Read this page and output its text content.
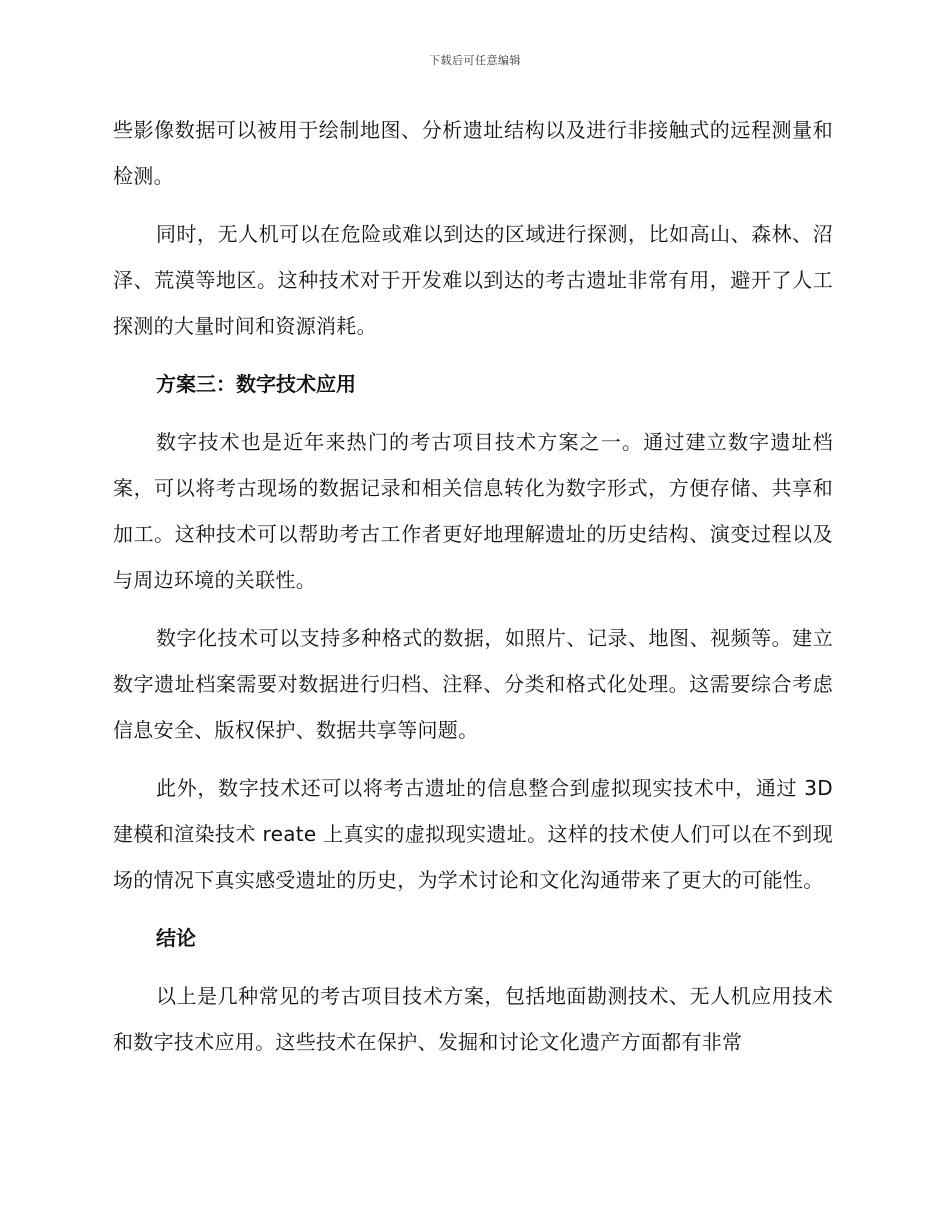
下载后可任意编辑

些影像数据可以被用于绘制地图、分析遗址结构以及进行非接触式的远程测量和检测。

同时，无人机可以在危险或难以到达的区域进行探测，比如高山、森林、沼泽、荒漠等地区。这种技术对于开发难以到达的考古遗址非常有用，避开了人工探测的大量时间和资源消耗。

方案三：数字技术应用

数字技术也是近年来热门的考古项目技术方案之一。通过建立数字遗址档案，可以将考古现场的数据记录和相关信息转化为数字形式，方便存储、共享和加工。这种技术可以帮助考古工作者更好地理解遗址的历史结构、演变过程以及与周边环境的关联性。

数字化技术可以支持多种格式的数据，如照片、记录、地图、视频等。建立数字遗址档案需要对数据进行归档、注释、分类和格式化处理。这需要综合考虑信息安全、版权保护、数据共享等问题。

此外，数字技术还可以将考古遗址的信息整合到虚拟现实技术中，通过 3D 建模和渲染技术 reate 上真实的虚拟现实遗址。这样的技术使人们可以在不到现场的情况下真实感受遗址的历史，为学术讨论和文化沟通带来了更大的可能性。

结论

以上是几种常见的考古项目技术方案，包括地面勘测技术、无人机应用技术和数字技术应用。这些技术在保护、发掘和讨论文化遗产方面都有非常
